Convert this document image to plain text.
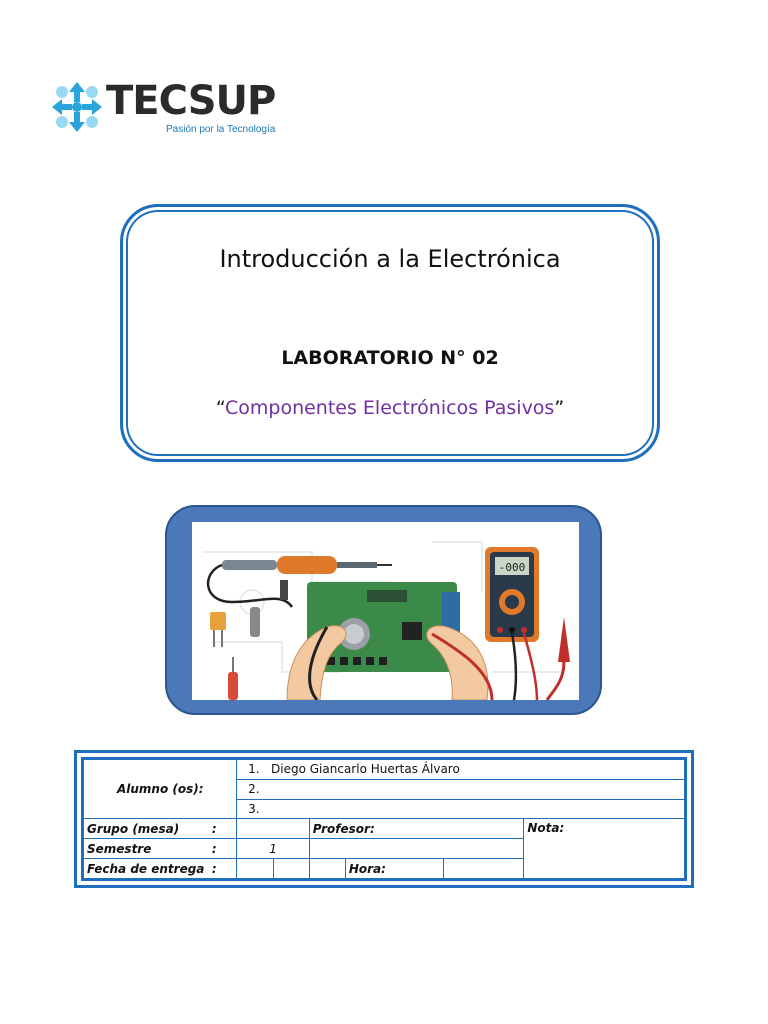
TECSUP
Pasión por la Tecnología
Introducción a la Electrónica
LABORATORIO N° 02
“Componentes Electrónicos Pasivos”
-000
Alumno (os):		1. Diego Giancarlo Huertas Álvaro					
		2.					
		3.					
Grupo (mesa)	:			Profesor:			Nota:
Semestre	:	1					
Fecha de entrega	:				Hora:		
